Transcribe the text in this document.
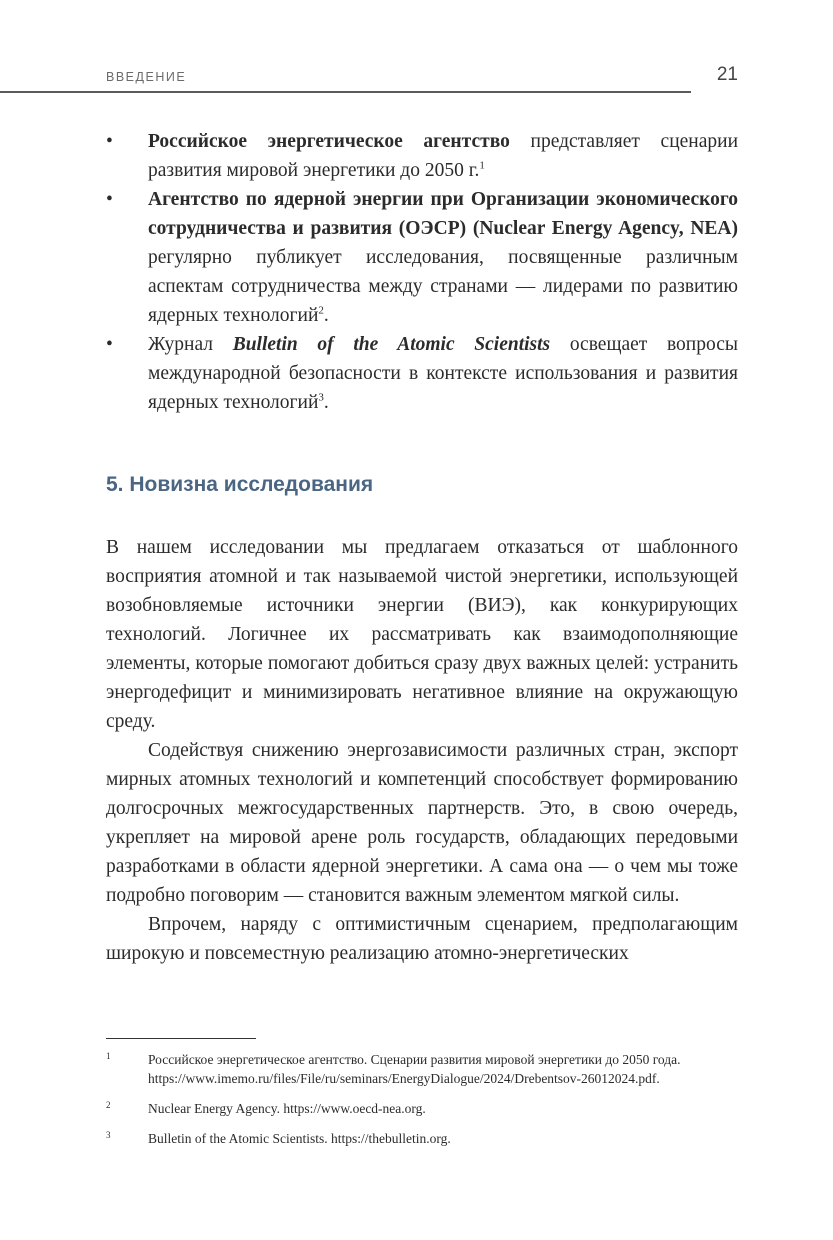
ВВЕДЕНИЕ	21
• Российское энергетическое агентство представляет сценарии развития мировой энергетики до 2050 г.$^1$
• Агентство по ядерной энергии при Организации экономического сотрудничества и развития (ОЭСР) (Nuclear Energy Agency, NEA) регулярно публикует исследования, посвященные различным аспектам сотрудничества между странами — лидерами по развитию ядерных технологий$^2$.
• Журнал Bulletin of the Atomic Scientists освещает вопросы международной безопасности в контексте использования и развития ядерных технологий$^3$.
5. Новизна исследования

В нашем исследовании мы предлагаем отказаться от шаблонного восприятия атомной и так называемой чистой энергетики, использующей возобновляемые источники энергии (ВИЭ), как конкурирующих технологий. Логичнее их рассматривать как взаимодополняющие элементы, которые помогают добиться сразу двух важных целей: устранить энергодефицит и минимизировать негативное влияние на окружающую среду.

Содействуя снижению энергозависимости различных стран, экспорт мирных атомных технологий и компетенций способствует формированию долгосрочных межгосударственных партнерств. Это, в свою очередь, укрепляет на мировой арене роль государств, обладающих передовыми разработками в области ядерной энергетики. А сама она — о чем мы тоже подробно поговорим — становится важным элементом мягкой силы.

Впрочем, наряду с оптимистичным сценарием, предполагающим широкую и повсеместную реализацию атомно-энергетических

1	Российское энергетическое агентство. Сценарии развития мировой энергетики до 2050 года. https://www.imemo.ru/files/File/ru/seminars/EnergyDialogue/2024/Drebentsov-26012024.pdf.
2	Nuclear Energy Agency. https://www.oecd-nea.org.
3	Bulletin of the Atomic Scientists. https://thebulletin.org.
